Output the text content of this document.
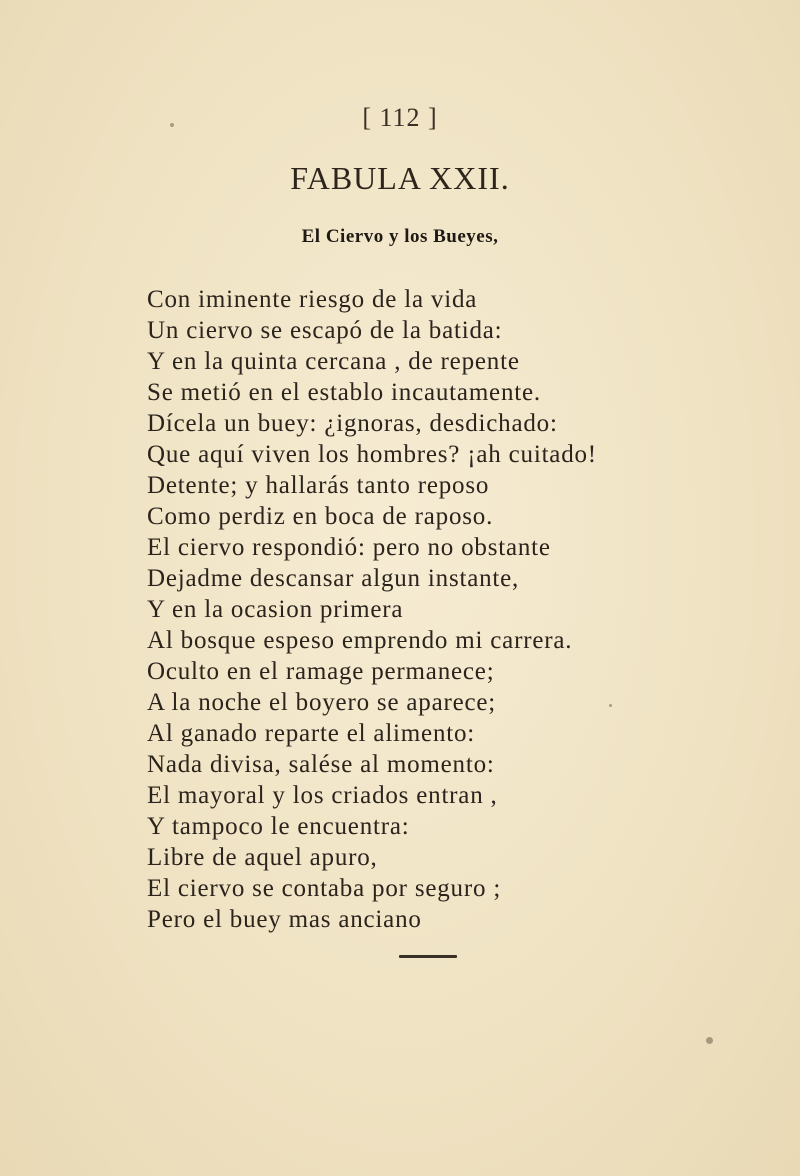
[ 112 ]
FABULA XXII.
El Ciervo y los Bueyes,
Con iminente riesgo de la vida
Un ciervo se escapó de la batida:
Y en la quinta cercana , de repente
Se metió en el establo incautamente.
Dícela un buey: ¿ignoras, desdichado:
Que aquí viven los hombres? ¡ah cuitado!
Detente; y hallarás tanto reposo
Como perdiz en boca de raposo.
El ciervo respondió: pero no obstante
Dejadme descansar algun instante,
Y en la ocasion primera
Al bosque espeso emprendo mi carrera.
Oculto en el ramage permanece;
A la noche el boyero se aparece;
Al ganado reparte el alimento:
Nada divisa, salése al momento:
El mayoral y los criados entran ,
Y tampoco le encuentra:
Libre de aquel apuro,
El ciervo se contaba por seguro ;
Pero el buey mas anciano
